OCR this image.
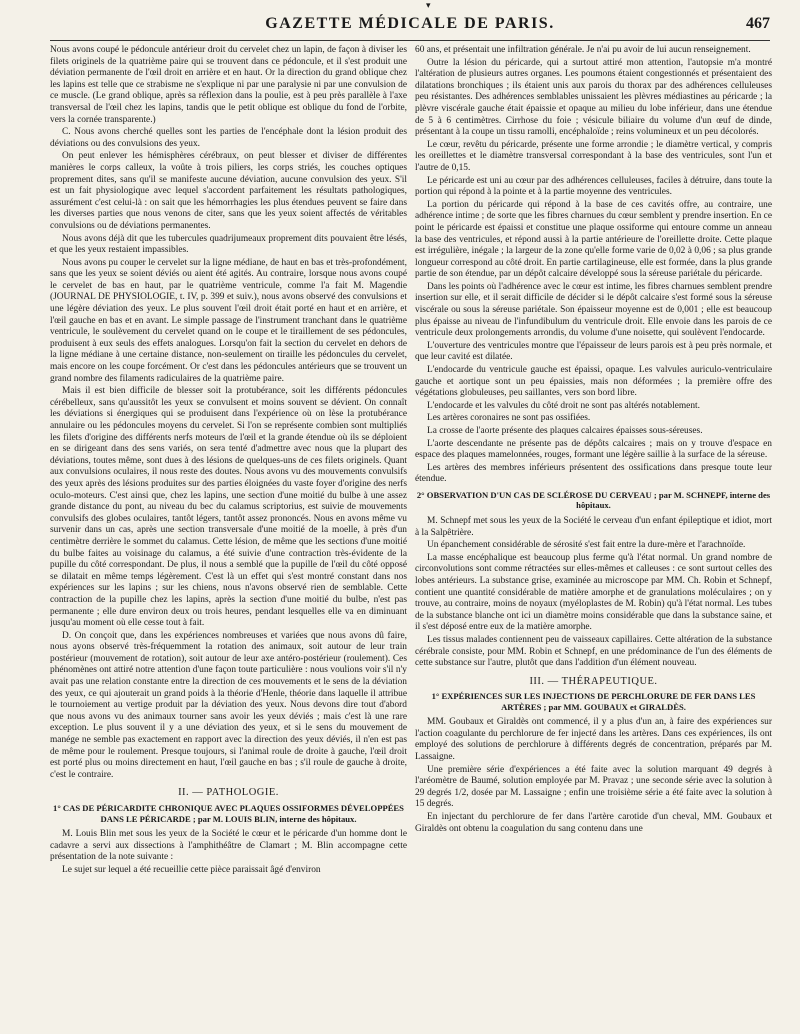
▾
GAZETTE MÉDICALE DE PARIS.	467

Nous avons coupé le pédoncule antérieur droit du cervelet chez un lapin, de façon à diviser les filets originels de la quatrième paire qui se trouvent dans ce pédoncule, et il s'est produit une déviation permanente de l'œil droit en arrière et en haut. Or la direction du grand oblique chez les lapins est telle que ce strabisme ne s'explique ni par une paralysie ni par une convulsion de ce muscle. (Le grand oblique, après sa réflexion dans la poulie, est à peu près parallèle à l'axe transversal de l'œil chez les lapins, tandis que le petit oblique est oblique du fond de l'orbite, vers la cornée transparente.)

C. Nous avons cherché quelles sont les parties de l'encéphale dont la lésion produit des déviations ou des convulsions des yeux.

On peut enlever les hémisphères cérébraux, on peut blesser et diviser de différentes manières le corps calleux, la voûte à trois piliers, les corps striés, les couches optiques proprement dites, sans qu'il se manifeste aucune déviation, aucune convulsion des yeux. S'il est un fait physiologique avec lequel s'accordent parfaitement les résultats pathologiques, assurément c'est celui-là : on sait que les hémorrhagies les plus étendues peuvent se faire dans les diverses parties que nous venons de citer, sans que les yeux soient affectés de véritables convulsions ou de déviations permanentes.

Nous avons déjà dit que les tubercules quadrijumeaux proprement dits pouvaient être lésés, et que les yeux restaient impassibles.

Nous avons pu couper le cervelet sur la ligne médiane, de haut en bas et très-profondément, sans que les yeux se soient déviés ou aient été agités. Au contraire, lorsque nous avons coupé le cervelet de bas en haut, par le quatrième ventricule, comme l'a fait M. Magendie (JOURNAL DE PHYSIOLOGIE, t. IV, p. 399 et suiv.), nous avons observé des convulsions et une légère déviation des yeux. Le plus souvent l'œil droit était porté en haut et en arrière, et l'œil gauche en bas et en avant. Le simple passage de l'instrument tranchant dans le quatrième ventricule, le soulèvement du cervelet quand on le coupe et le tiraillement de ses pédoncules, produisent à eux seuls des effets analogues. Lorsqu'on fait la section du cervelet en dehors de la ligne médiane à une certaine distance, non-seulement on tiraille les pédoncules du cervelet, mais encore on les coupe forcément. Or c'est dans les pédoncules antérieurs que se trouvent un grand nombre des filaments radiculaires de la quatrième paire.

Mais il est bien difficile de blesser soit la protubérance, soit les différents pédoncules cérébelleux, sans qu'aussitôt les yeux se convulsent et moins souvent se dévient. On connaît les déviations si énergiques qui se produisent dans l'expérience où on lèse la protubérance annulaire ou les pédoncules moyens du cervelet. Si l'on se représente combien sont multipliés les filets d'origine des différents nerfs moteurs de l'œil et la grande étendue où ils se déploient en se dirigeant dans des sens variés, on sera tenté d'admettre avec nous que la plupart des déviations, toutes même, sont dues à des lésions de quelques-uns de ces filets originels. Quant aux convulsions oculaires, il nous reste des doutes. Nous avons vu des mouvements convulsifs des yeux après des lésions produites sur des parties éloignées du vaste foyer d'origine des nerfs oculo-moteurs. C'est ainsi que, chez les lapins, une section d'une moitié du bulbe à une assez grande distance du pont, au niveau du bec du calamus scriptorius, est suivie de mouvements convulsifs des globes oculaires, tantôt légers, tantôt assez prononcés. Nous en avons même vu survenir dans un cas, après une section transversale d'une moitié de la moelle, à près d'un centimètre derrière le sommet du calamus. Cette lésion, de même que les sections d'une moitié du bulbe faites au voisinage du calamus, a été suivie d'une contraction très-évidente de la pupille du côté correspondant. De plus, il nous a semblé que la pupille de l'œil du côté opposé se dilatait en même temps légèrement. C'est là un effet qui s'est montré constant dans nos expériences sur les lapins ; sur les chiens, nous n'avons observé rien de semblable. Cette contraction de la pupille chez les lapins, après la section d'une moitié du bulbe, n'est pas permanente ; elle dure environ deux ou trois heures, pendant lesquelles elle va en diminuant jusqu'au moment où elle cesse tout à fait.

D. On conçoit que, dans les expériences nombreuses et variées que nous avons dû faire, nous ayons observé très-fréquemment la rotation des animaux, soit autour de leur train postérieur (mouvement de rotation), soit autour de leur axe antéro-postérieur (roulement). Ces phénomènes ont attiré notre attention d'une façon toute particulière : nous voulions voir s'il n'y avait pas une relation constante entre la direction de ces mouvements et le sens de la déviation des yeux, ce qui ajouterait un grand poids à la théorie d'Henle, théorie dans laquelle il attribue le tournoiement au vertige produit par la déviation des yeux. Nous devons dire tout d'abord que nous avons vu des animaux tourner sans avoir les yeux déviés ; mais c'est là une rare exception. Le plus souvent il y a une déviation des yeux, et si le sens du mouvement de manége ne semble pas exactement en rapport avec la direction des yeux déviés, il n'en est pas de même pour le roulement. Presque toujours, si l'animal roule de droite à gauche, l'œil droit est porté plus ou moins directement en haut, l'œil gauche en bas ; s'il roule de gauche à droite, c'est le contraire.

II. — PATHOLOGIE.
1° CAS DE PÉRICARDITE CHRONIQUE AVEC PLAQUES OSSIFORMES DÉVELOPPÉES DANS LE PÉRICARDE ; par M. LOUIS BLIN, interne des hôpitaux.

M. Louis Blin met sous les yeux de la Société le cœur et le péricarde d'un homme dont le cadavre a servi aux dissections à l'amphithéâtre de Clamart ; M. Blin accompagne cette présentation de la note suivante :

Le sujet sur lequel a été recueillie cette pièce paraissait âgé d'environ

60 ans, et présentait une infiltration générale. Je n'ai pu avoir de lui aucun renseignement.

Outre la lésion du péricarde, qui a surtout attiré mon attention, l'autopsie m'a montré l'altération de plusieurs autres organes. Les poumons étaient congestionnés et présentaient des dilatations bronchiques ; ils étaient unis aux parois du thorax par des adhérences celluleuses peu résistantes. Des adhérences semblables unissaient les plèvres médiastines au péricarde ; la plèvre viscérale gauche était épaissie et opaque au milieu du lobe inférieur, dans une étendue de 5 à 6 centimètres. Cirrhose du foie ; vésicule biliaire du volume d'un œuf de dinde, présentant à la coupe un tissu ramolli, encéphaloïde ; reins volumineux et un peu décolorés.

Le cœur, revêtu du péricarde, présente une forme arrondie ; le diamètre vertical, y compris les oreillettes et le diamètre transversal correspondant à la base des ventricules, sont l'un et l'autre de 0,15.

Le péricarde est uni au cœur par des adhérences celluleuses, faciles à détruire, dans toute la portion qui répond à la pointe et à la partie moyenne des ventricules.

La portion du péricarde qui répond à la base de ces cavités offre, au contraire, une adhérence intime ; de sorte que les fibres charnues du cœur semblent y prendre insertion. En ce point le péricarde est épaissi et constitue une plaque ossiforme qui entoure comme un anneau la base des ventricules, et répond aussi à la partie antérieure de l'oreillette droite. Cette plaque est irrégulière, inégale ; la largeur de la zone qu'elle forme varie de 0,02 à 0,06 ; sa plus grande longueur correspond au côté droit. En partie cartilagineuse, elle est formée, dans la plus grande partie de son étendue, par un dépôt calcaire développé sous la séreuse pariétale du péricarde.

Dans les points où l'adhérence avec le cœur est intime, les fibres charnues semblent prendre insertion sur elle, et il serait difficile de décider si le dépôt calcaire s'est formé sous la séreuse viscérale ou sous la séreuse pariétale. Son épaisseur moyenne est de 0,001 ; elle est beaucoup plus épaisse au niveau de l'infundibulum du ventricule droit. Elle envoie dans les parois de ce ventricule deux prolongements arrondis, du volume d'une noisette, qui soulèvent l'endocarde.

L'ouverture des ventricules montre que l'épaisseur de leurs parois est à peu près normale, et que leur cavité est dilatée.

L'endocarde du ventricule gauche est épaissi, opaque. Les valvules auriculo-ventriculaire gauche et aortique sont un peu épaissies, mais non déformées ; la première offre des végétations globuleuses, peu saillantes, vers son bord libre.

L'endocarde et les valvules du côté droit ne sont pas altérés notablement.

Les artères coronaires ne sont pas ossifiées.

La crosse de l'aorte présente des plaques calcaires épaisses sous-séreuses.

L'aorte descendante ne présente pas de dépôts calcaires ; mais on y trouve d'espace en espace des plaques mamelonnées, rouges, formant une légère saillie à la surface de la séreuse.

Les artères des membres inférieurs présentent des ossifications dans presque toute leur étendue.

2° OBSERVATION D'UN CAS DE SCLÉROSE DU CERVEAU ; par M. SCHNEPF, interne des hôpitaux.

M. Schnepf met sous les yeux de la Société le cerveau d'un enfant épileptique et idiot, mort à la Salpêtrière.

Un épanchement considérable de sérosité s'est fait entre la dure-mère et l'arachnoïde.

La masse encéphalique est beaucoup plus ferme qu'à l'état normal. Un grand nombre de circonvolutions sont comme rétractées sur elles-mêmes et calleuses : ce sont surtout celles des lobes antérieurs. La substance grise, examinée au microscope par MM. Ch. Robin et Schnepf, contient une quantité considérable de matière amorphe et de granulations moléculaires ; on y trouve, au contraire, moins de noyaux (myéloplastes de M. Robin) qu'à l'état normal. Les tubes de la substance blanche ont ici un diamètre moins considérable que dans la substance saine, et il s'est déposé entre eux de la matière amorphe.

Les tissus malades contiennent peu de vaisseaux capillaires. Cette altération de la substance cérébrale consiste, pour MM. Robin et Schnepf, en une prédominance de l'un des éléments de cette substance sur l'autre, plutôt que dans l'addition d'un élément nouveau.

III. — THÉRAPEUTIQUE.
1° EXPÉRIENCES SUR LES INJECTIONS DE PERCHLORURE DE FER DANS LES ARTÈRES ; par MM. GOUBAUX et GIRALDÈS.

MM. Goubaux et Giraldès ont commencé, il y a plus d'un an, à faire des expériences sur l'action coagulante du perchlorure de fer injecté dans les artères. Dans ces expériences, ils ont employé des solutions de perchlorure à différents degrés de concentration, préparés par M. Lassaigne.

Une première série d'expériences a été faite avec la solution marquant 49 degrés à l'aréomètre de Baumé, solution employée par M. Pravaz ; une seconde série avec la solution à 29 degrés 1/2, dosée par M. Lassaigne ; enfin une troisième série a été faite avec la solution à 15 degrés.

En injectant du perchlorure de fer dans l'artère carotide d'un cheval, MM. Goubaux et Giraldès ont obtenu la coagulation du sang contenu dans une
